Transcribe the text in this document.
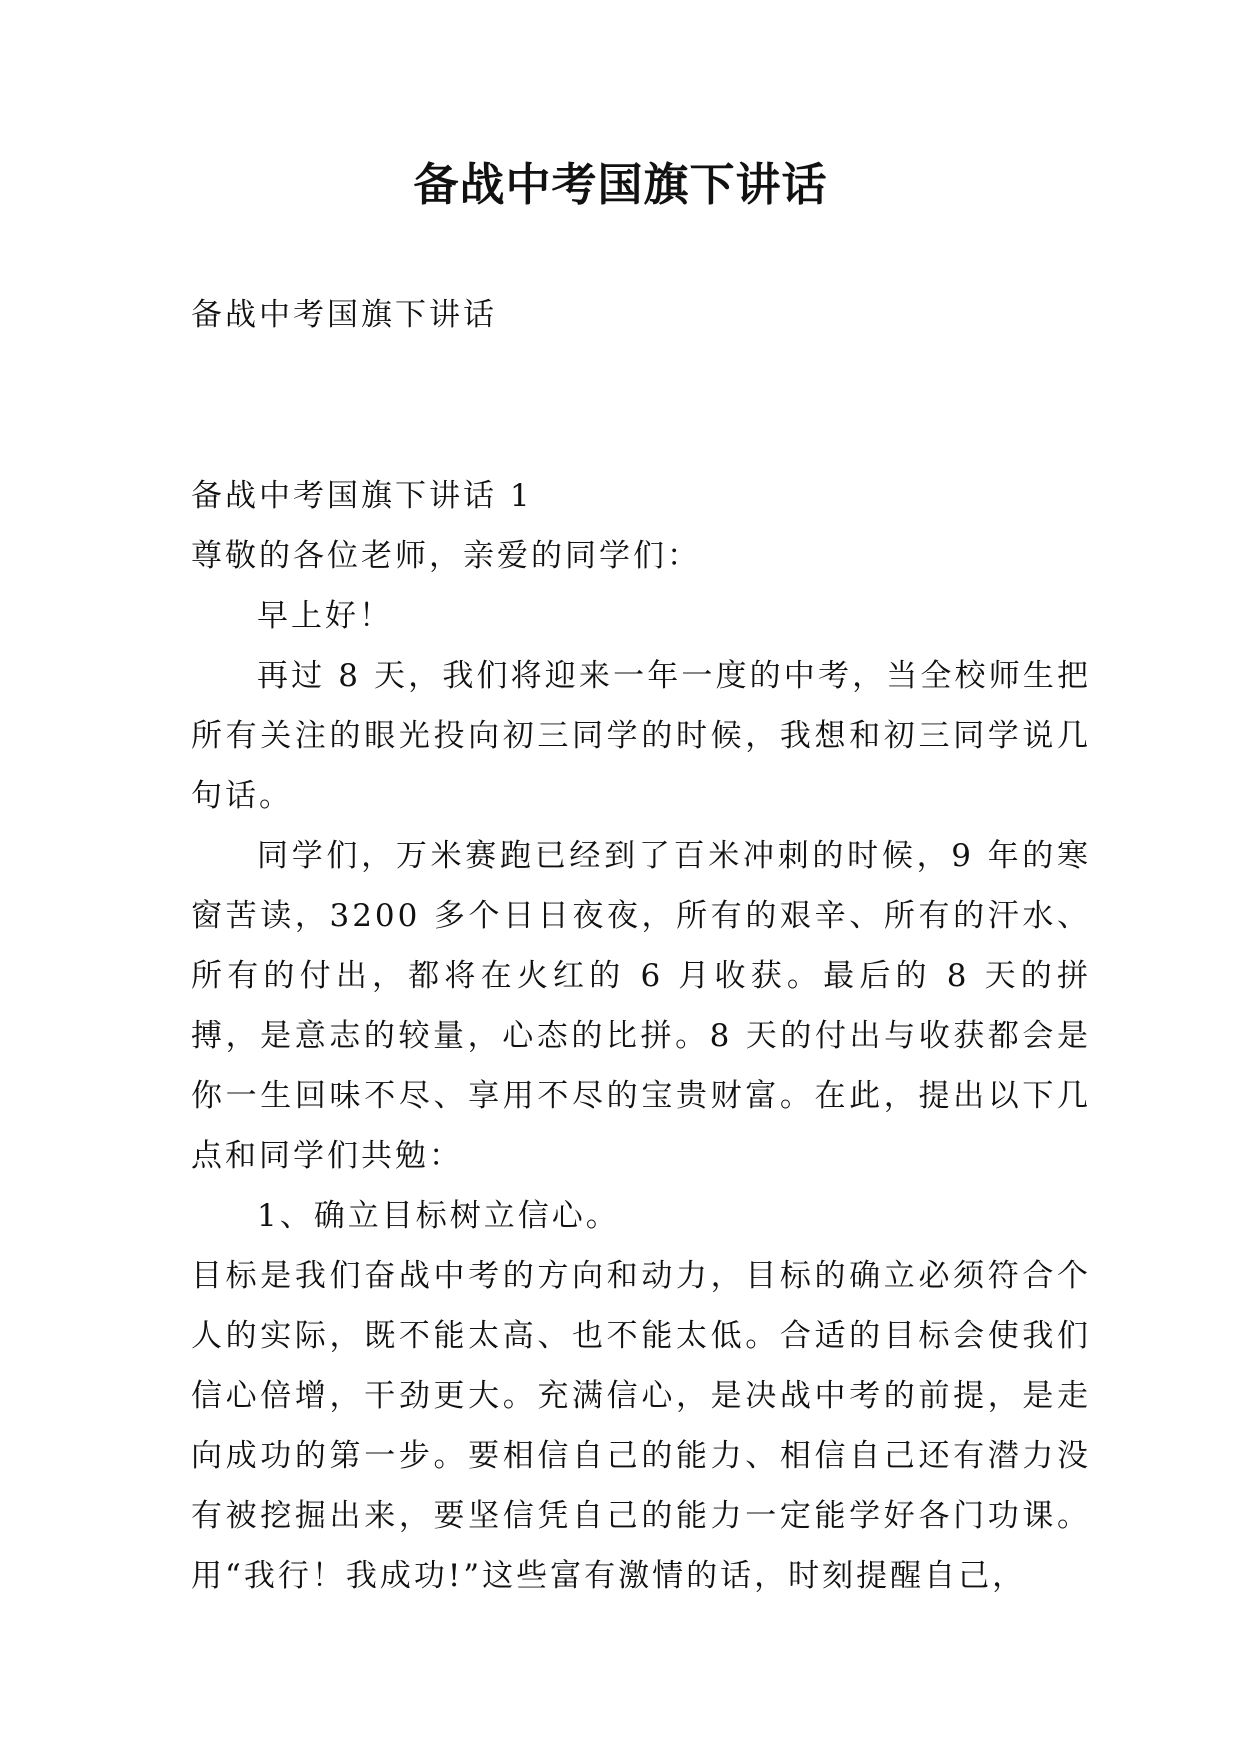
备战中考国旗下讲话
备战中考国旗下讲话

备战中考国旗下讲话 1

尊敬的各位老师，亲爱的同学们：

早上好！

再过 8 天，我们将迎来一年一度的中考，当全校师生把所有关注的眼光投向初三同学的时候，我想和初三同学说几句话。

同学们，万米赛跑已经到了百米冲刺的时候，9 年的寒窗苦读，3200 多个日日夜夜，所有的艰辛、所有的汗水、所有的付出，都将在火红的 6 月收获。最后的 8 天的拼搏，是意志的较量，心态的比拼。8 天的付出与收获都会是你一生回味不尽、享用不尽的宝贵财富。在此，提出以下几点和同学们共勉：

1、确立目标树立信心。

目标是我们奋战中考的方向和动力，目标的确立必须符合个人的实际，既不能太高、也不能太低。合适的目标会使我们信心倍增，干劲更大。充满信心，是决战中考的前提，是走向成功的第一步。要相信自己的能力、相信自己还有潜力没有被挖掘出来，要坚信凭自己的能力一定能学好各门功课。用“我行！我成功!”这些富有激情的话，时刻提醒自己，
